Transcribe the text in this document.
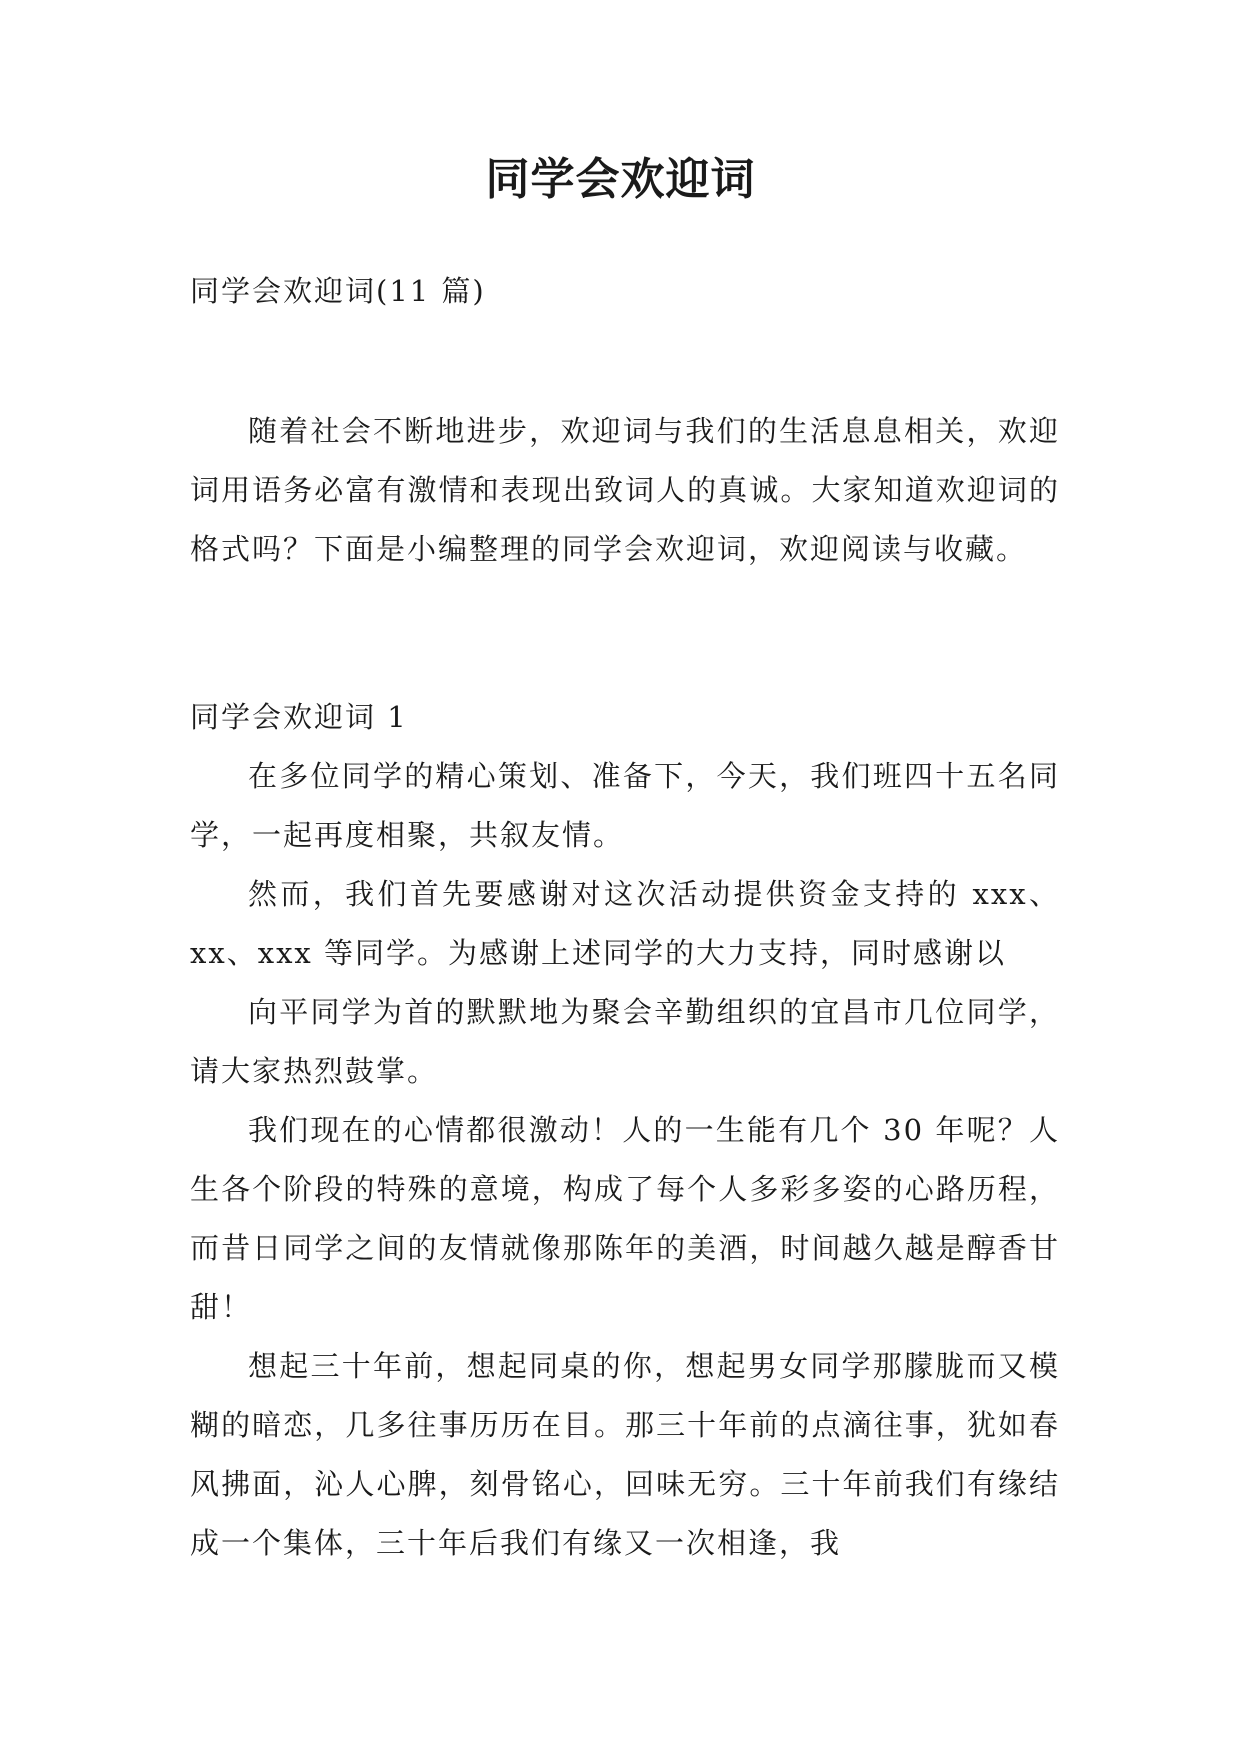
同学会欢迎词
同学会欢迎词(11 篇)

随着社会不断地进步，欢迎词与我们的生活息息相关，欢迎词用语务必富有激情和表现出致词人的真诚。大家知道欢迎词的格式吗？下面是小编整理的同学会欢迎词，欢迎阅读与收藏。

同学会欢迎词 1

在多位同学的精心策划、准备下，今天，我们班四十五名同学，一起再度相聚，共叙友情。

然而，我们首先要感谢对这次活动提供资金支持的 xxx、xx、xxx 等同学。为感谢上述同学的大力支持，同时感谢以

向平同学为首的默默地为聚会辛勤组织的宜昌市几位同学，请大家热烈鼓掌。

我们现在的心情都很激动！人的一生能有几个 30 年呢？人生各个阶段的特殊的意境，构成了每个人多彩多姿的心路历程，而昔日同学之间的友情就像那陈年的美酒，时间越久越是醇香甘甜！

想起三十年前，想起同桌的你，想起男女同学那朦胧而又模糊的暗恋，几多往事历历在目。那三十年前的点滴往事，犹如春风拂面，沁人心脾，刻骨铭心，回味无穷。三十年前我们有缘结成一个集体，三十年后我们有缘又一次相逢，我
